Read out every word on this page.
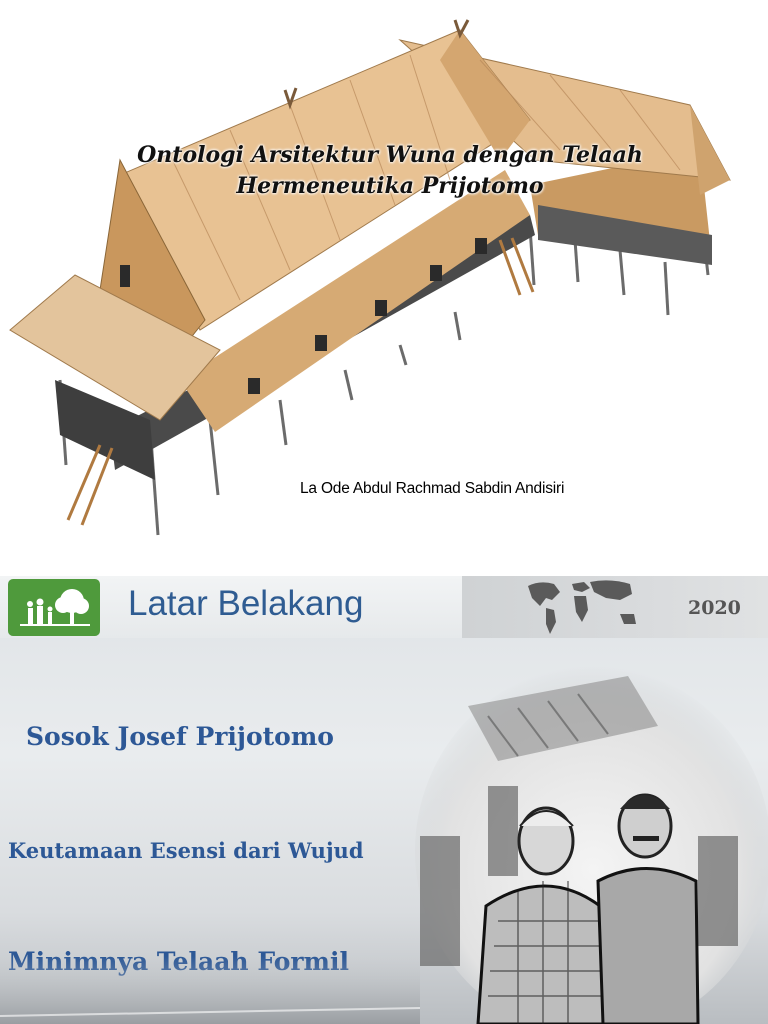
Ontologi Arsitektur Wuna dengan Telaah
Hermeneutika Prijotomo
La Ode Abdul Rachmad Sabdin Andisiri
Latar Belakang	2020
Sosok Josef Prijotomo
Keutamaan Esensi dari Wujud
